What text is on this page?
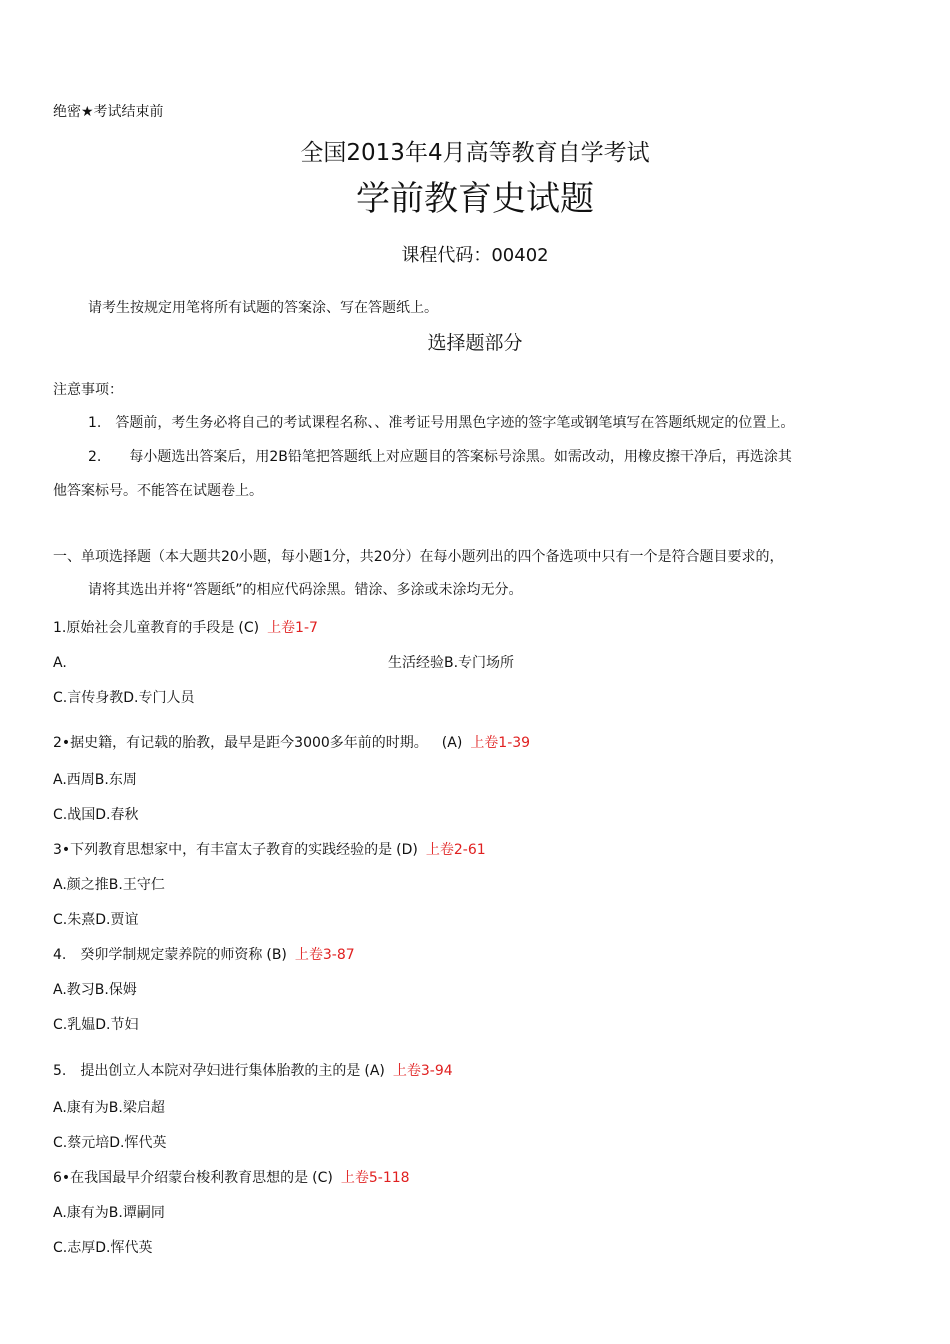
绝密★考试结束前
全国2013年4月高等教育自学考试
学前教育史试题
课程代码：00402
请考生按规定用笔将所有试题的答案涂、写在答题纸上。
选择题部分
注意事项：
1.　答题前，考生务必将自己的考试课程名称、、准考证号用黑色字迹的签字笔或钢笔填写在答题纸规定的位置上。
2.　　每小题选出答案后，用2B铅笔把答题纸上对应题目的答案标号涂黑。如需改动，用橡皮擦干净后，再选涂其
他答案标号。不能答在试题卷上。
一、单项选择题（本大题共20小题，每小题1分，共20分）在每小题列出的四个备选项中只有一个是符合题目要求的，
请将其选出并将“答题纸”的相应代码涂黑。错涂、多涂或未涂均无分。
1.原始社会儿童教育的手段是 (C) 上卷1-7
A.	生活经验B.专门场所
C.言传身教D.专门人员
2•据史籍，有记载的胎教，最早是距今3000多年前的时期。 (A) 上卷1-39
A.西周B.东周
C.战国D.春秋
3•下列教育思想家中，有丰富太子教育的实践经验的是 (D) 上卷2-61
A.颜之推B.王守仁
C.朱熹D.贾谊
4.　癸卯学制规定蒙养院的师资称 (B) 上卷3-87
A.教习B.保姆
C.乳媪D.节妇
5.　提出创立人本院对孕妇进行集体胎教的主的是 (A) 上卷3-94
A.康有为B.梁启超
C.蔡元培D.恽代英
6•在我国最早介绍蒙台梭利教育思想的是 (C) 上卷5-118
A.康有为B.谭嗣同
C.志厚D.恽代英
